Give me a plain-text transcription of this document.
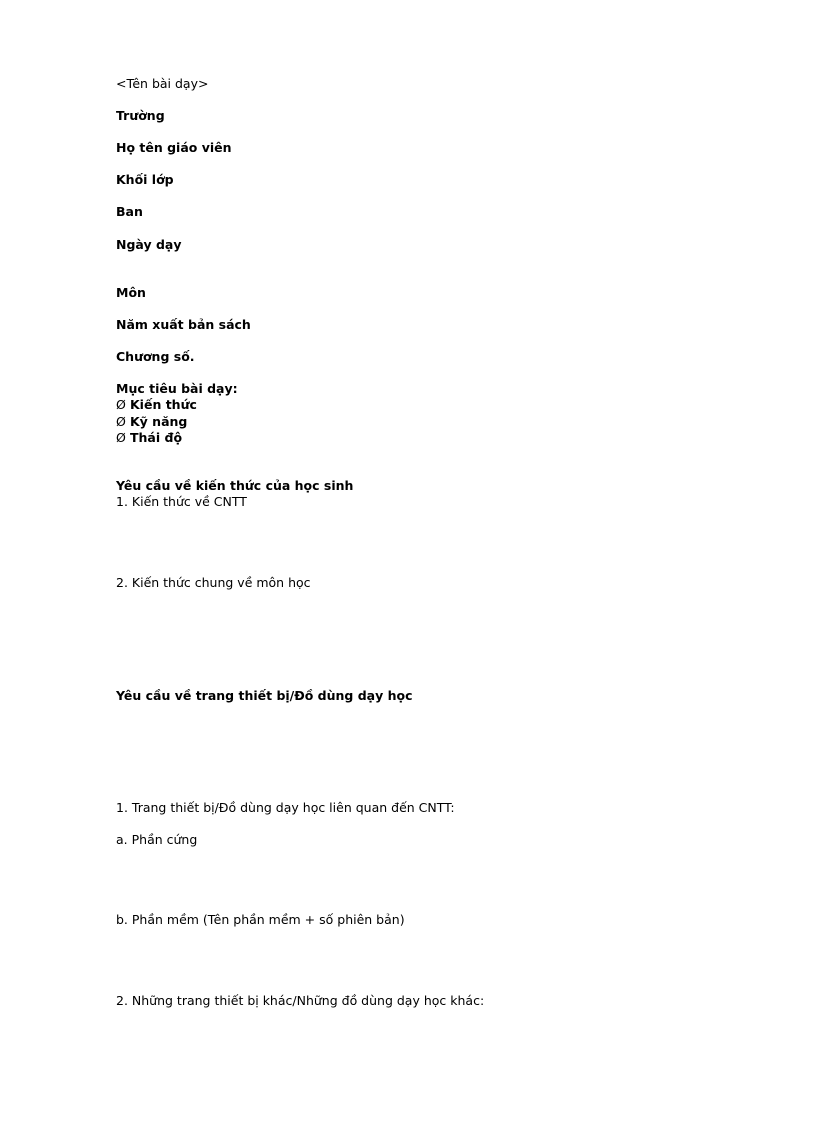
<Tên bài dạy>

Trường

Họ tên giáo viên

Khối lớp

Ban

Ngày dạy

Môn

Năm xuất bản sách

Chương số.

Mục tiêu bài dạy:

Ø Kiến thức

Ø Kỹ năng

Ø Thái độ

Yêu cầu về kiến thức của học sinh

1. Kiến thức về CNTT

2. Kiến thức chung về môn học

Yêu cầu về trang thiết bị/Đồ dùng dạy học

1. Trang thiết bị/Đồ dùng dạy học liên quan đến CNTT:

a. Phần cứng

b. Phần mềm (Tên phần mềm + số phiên bản)

2. Những trang thiết bị khác/Những đồ dùng dạy học khác:
